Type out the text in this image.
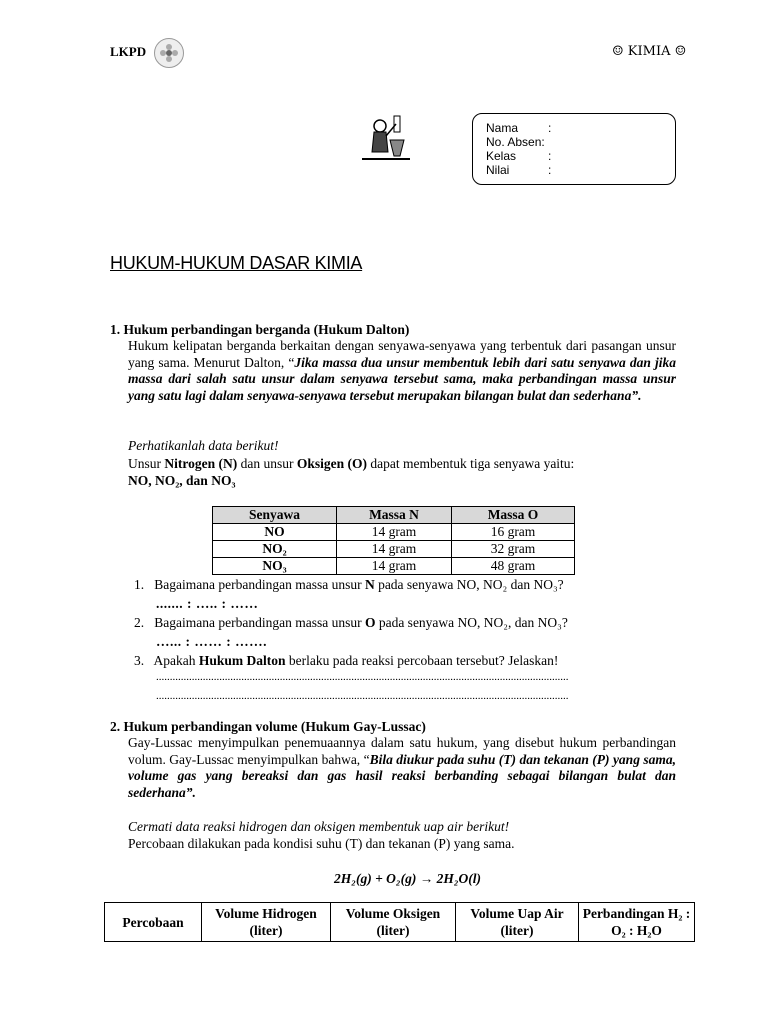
LKPD	☺ KIMIA ☺
Nama	:
No. Absen :
Kelas	:
Nilai	:
HUKUM-HUKUM DASAR KIMIA
1. Hukum perbandingan berganda (Hukum Dalton)
Hukum kelipatan berganda berkaitan dengan senyawa-senyawa yang terbentuk dari pasangan unsur yang sama. Menurut Dalton, “Jika massa dua unsur membentuk lebih dari satu senyawa dan jika massa dari salah satu unsur dalam senyawa tersebut sama, maka perbandingan massa unsur yang satu lagi dalam senyawa-senyawa tersebut merupakan bilangan bulat dan sederhana”.
Perhatikanlah data berikut!
Unsur Nitrogen (N) dan unsur Oksigen (O) dapat membentuk tiga senyawa yaitu:
NO, NO₂, dan NO₃
Senyawa	Massa N	Massa O
NO	14 gram	16 gram
NO₂	14 gram	32 gram
NO₃	14 gram	48 gram
1. Bagaimana perbandingan massa unsur N pada senyawa NO, NO₂ dan NO₃?
....... : ….. : ……
2. Bagaimana perbandingan massa unsur O pada senyawa NO, NO₂, dan NO₃?
…... : …… : …….
3. Apakah Hukum Dalton berlaku pada reaksi percobaan tersebut? Jelaskan!
......................................................................................................................................................
......................................................................................................................................................
2. Hukum perbandingan volume (Hukum Gay-Lussac)
Gay-Lussac menyimpulkan penemuaannya dalam satu hukum, yang disebut hukum perbandingan volum. Gay-Lussac menyimpulkan bahwa, “Bila diukur pada suhu (T) dan tekanan (P) yang sama, volume gas yang bereaksi dan gas hasil reaksi berbanding sebagai bilangan bulat dan sederhana”.
Cermati data reaksi hidrogen dan oksigen membentuk uap air berikut!
Percobaan dilakukan pada kondisi suhu (T) dan tekanan (P) yang sama.
2H₂(g) + O₂(g) → 2H₂O(l)
Percobaan	Volume Hidrogen (liter)	Volume Oksigen (liter)	Volume Uap Air (liter)	Perbandingan H₂ : O₂ : H₂O
